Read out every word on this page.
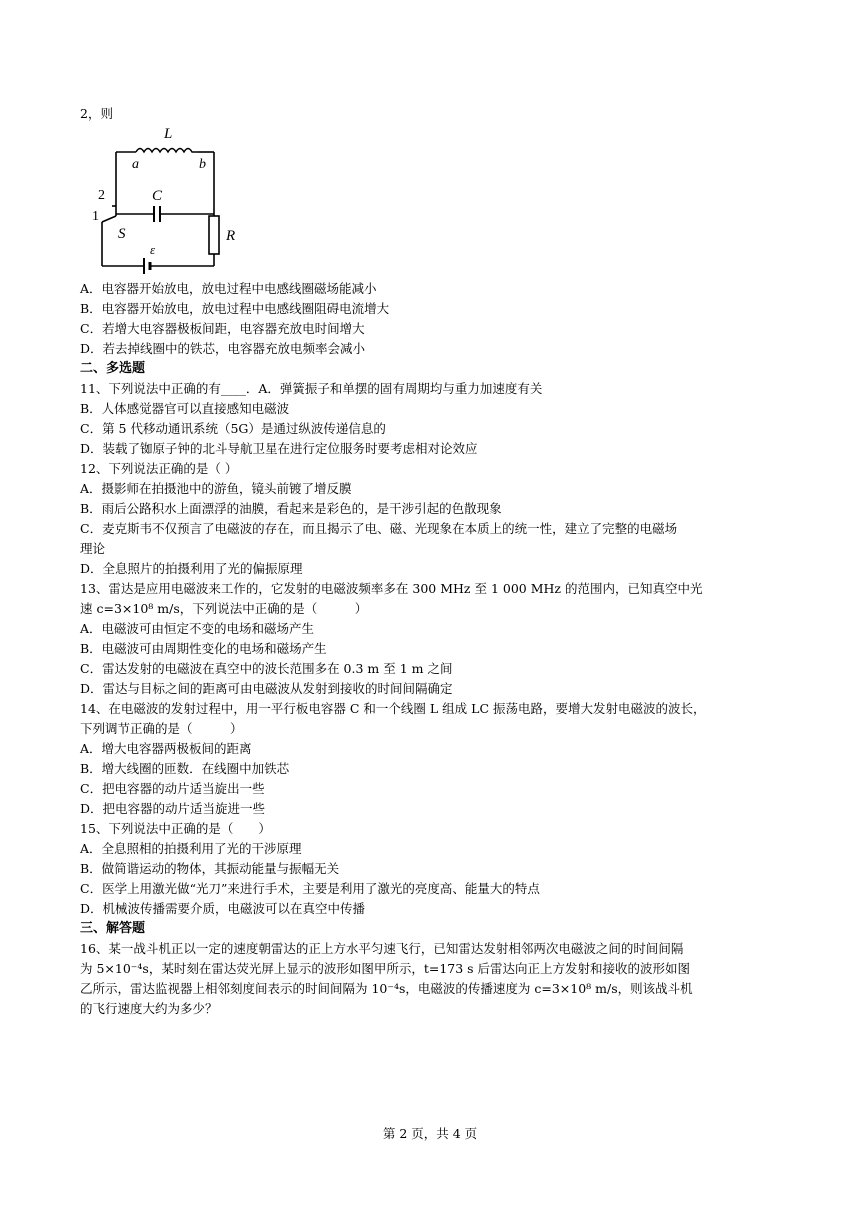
2，则
L
a	b
2
1
C
S	R
ε
A．电容器开始放电，放电过程中电感线圈磁场能减小
B．电容器开始放电，放电过程中电感线圈阻碍电流增大
C．若增大电容器极板间距，电容器充放电时间增大
D．若去掉线圈中的铁芯，电容器充放电频率会减小
二、多选题
11、下列说法中正确的有____．A．弹簧振子和单摆的固有周期均与重力加速度有关
B．人体感觉器官可以直接感知电磁波
C．第 5 代移动通讯系统（5G）是通过纵波传递信息的
D．装载了铷原子钟的北斗导航卫星在进行定位服务时要考虑相对论效应
12、下列说法正确的是（ ）
A．摄影师在拍摄池中的游鱼，镜头前镀了增反膜
B．雨后公路积水上面漂浮的油膜，看起来是彩色的，是干涉引起的色散现象
C．麦克斯韦不仅预言了电磁波的存在，而且揭示了电、磁、光现象在本质上的统一性，建立了完整的电磁场
理论
D．全息照片的拍摄利用了光的偏振原理
13、雷达是应用电磁波来工作的，它发射的电磁波频率多在 300 MHz 至 1 000 MHz 的范围内，已知真空中光
速 c=3×10⁸ m/s，下列说法中正确的是（　　　）
A．电磁波可由恒定不变的电场和磁场产生
B．电磁波可由周期性变化的电场和磁场产生
C．雷达发射的电磁波在真空中的波长范围多在 0.3 m 至 1 m 之间
D．雷达与目标之间的距离可由电磁波从发射到接收的时间间隔确定
14、在电磁波的发射过程中，用一平行板电容器 C 和一个线圈 L 组成 LC 振荡电路，要增大发射电磁波的波长，
下列调节正确的是（　　　）
A．增大电容器两极板间的距离
B．增大线圈的匝数．在线圈中加铁芯
C．把电容器的动片适当旋出一些
D．把电容器的动片适当旋进一些
15、下列说法中正确的是（　　）
A．全息照相的拍摄利用了光的干涉原理
B．做简谐运动的物体，其振动能量与振幅无关
C．医学上用激光做“光刀”来进行手术，主要是利用了激光的亮度高、能量大的特点
D．机械波传播需要介质，电磁波可以在真空中传播
三、解答题
16、某一战斗机正以一定的速度朝雷达的正上方水平匀速飞行，已知雷达发射相邻两次电磁波之间的时间间隔
为 5×10⁻⁴s，某时刻在雷达荧光屏上显示的波形如图甲所示，t=173 s 后雷达向正上方发射和接收的波形如图
乙所示，雷达监视器上相邻刻度间表示的时间间隔为 10⁻⁴s，电磁波的传播速度为 c=3×10⁸ m/s，则该战斗机
的飞行速度大约为多少？
第 2 页，共 4 页
